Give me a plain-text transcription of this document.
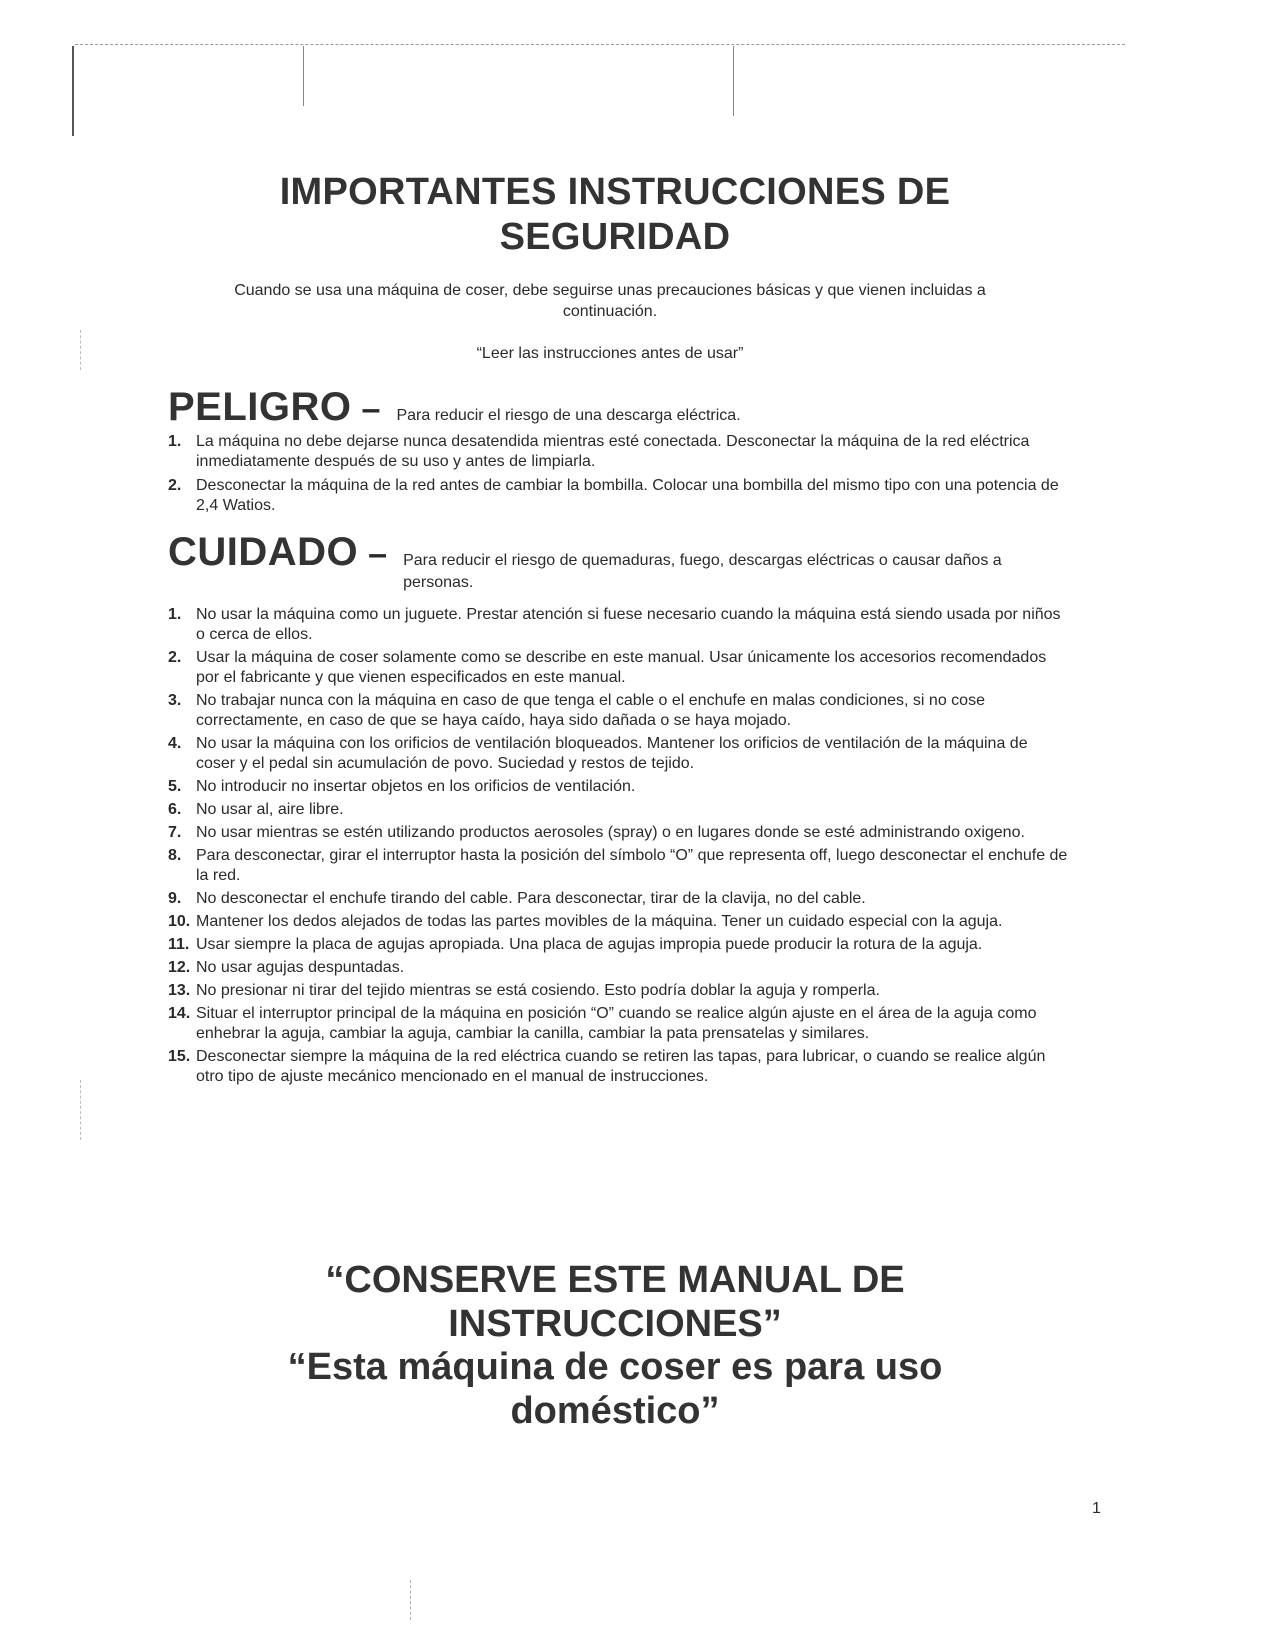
IMPORTANTES INSTRUCCIONES DE SEGURIDAD

Cuando se usa una máquina de coser, debe seguirse unas precauciones básicas y que vienen incluidas a continuación.

“Leer las instrucciones antes de usar”

PELIGRO – Para reducir el riesgo de una descarga eléctrica.
1. La máquina no debe dejarse nunca desatendida mientras esté conectada. Desconectar la máquina de la red eléctrica inmediatamente después de su uso y antes de limpiarla.
2. Desconectar la máquina de la red antes de cambiar la bombilla. Colocar una bombilla del mismo tipo con una potencia de 2,4 Watios.
CUIDADO – Para reducir el riesgo de quemaduras, fuego, descargas eléctricas o causar daños a personas.
1. No usar la máquina como un juguete. Prestar atención si fuese necesario cuando la máquina está siendo usada por niños o cerca de ellos.
2. Usar la máquina de coser solamente como se describe en este manual. Usar únicamente los accesorios recomendados por el fabricante y que vienen especificados en este manual.
3. No trabajar nunca con la máquina en caso de que tenga el cable o el enchufe en malas condiciones, si no cose correctamente, en caso de que se haya caído, haya sido dañada o se haya mojado.
4. No usar la máquina con los orificios de ventilación bloqueados. Mantener los orificios de ventilación de la máquina de coser y el pedal sin acumulación de povo. Suciedad y restos de tejido.
5. No introducir no insertar objetos en los orificios de ventilación.
6. No usar al, aire libre.
7. No usar mientras se estén utilizando productos aerosoles (spray) o en lugares donde se esté administrando oxigeno.
8. Para desconectar, girar el interruptor hasta la posición del símbolo “O” que representa off, luego desconectar el enchufe de la red.
9. No desconectar el enchufe tirando del cable. Para desconectar, tirar de la clavija, no del cable.
10. Mantener los dedos alejados de todas las partes movibles de la máquina. Tener un cuidado especial con la aguja.
11. Usar siempre la placa de agujas apropiada. Una placa de agujas impropia puede producir la rotura de la aguja.
12. No usar agujas despuntadas.
13. No presionar ni tirar del tejido mientras se está cosiendo. Esto podría doblar la aguja y romperla.
14. Situar el interruptor principal de la máquina en posición “O” cuando se realice algún ajuste en el área de la aguja como enhebrar la aguja, cambiar la aguja, cambiar la canilla, cambiar la pata prensatelas y similares.
15. Desconectar siempre la máquina de la red eléctrica cuando se retiren las tapas, para lubricar, o cuando se realice algún otro tipo de ajuste mecánico mencionado en el manual de instrucciones.
“CONSERVE ESTE MANUAL DE INSTRUCCIONES”
“Esta máquina de coser es para uso doméstico”
1
